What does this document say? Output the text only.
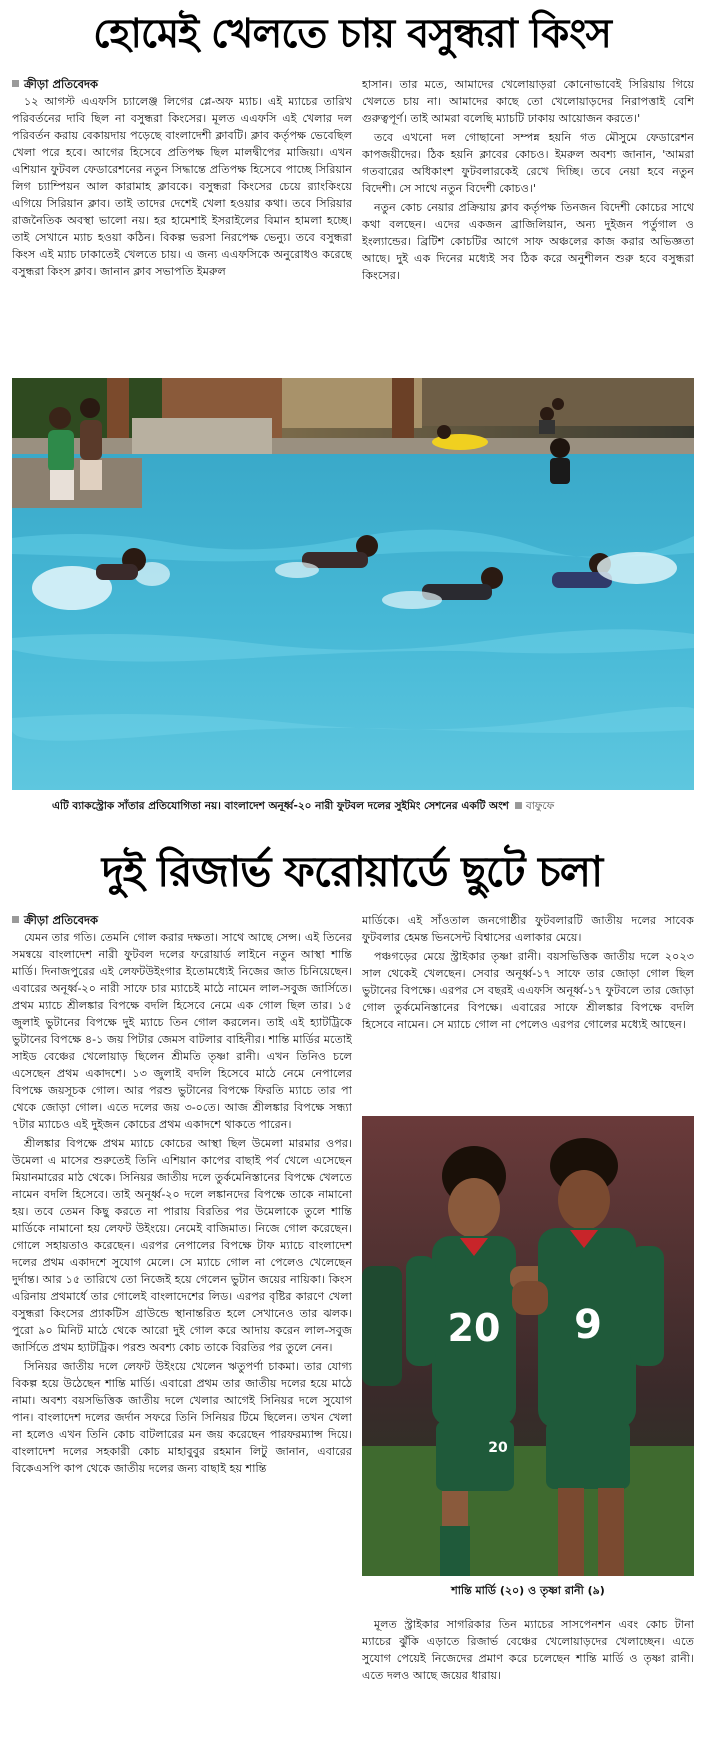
হোমেই খেলতে চায় বসুন্ধরা কিংস
ক্রীড়া প্রতিবেদক

১২ আগস্ট এএফসি চ্যালেঞ্জ লিগের প্লে-অফ ম্যাচ। এই ম্যাচের তারিখ পরিবর্তনের দাবি ছিল না বসুন্ধরা কিংসের। মূলত এএফসি এই খেলার দল পরিবর্তন করায় বেকায়দায় পড়েছে বাংলাদেশী ক্লাবটি। ক্লাব কর্তৃপক্ষ ভেবেছিল খেলা পরে হবে। আগের হিসেবে প্রতিপক্ষ ছিল মালদ্বীপের মাজিয়া। এখন এশিয়ান ফুটবল ফেডারেশনের নতুন সিদ্ধান্তে প্রতিপক্ষ হিসেবে পাচ্ছে সিরিয়ান লিগ চ্যাম্পিয়ন আল কারামাহ ক্লাবকে। বসুন্ধরা কিংসের চেয়ে র‍্যাংকিংয়ে এগিয়ে সিরিয়ান ক্লাব। তাই তাদের দেশেই খেলা হওয়ার কথা। তবে সিরিয়ার রাজনৈতিক অবস্থা ভালো নয়। হর হামেশাই ইসরাইলের বিমান হামলা হচ্ছে। তাই সেখানে ম্যাচ হওয়া কঠিন। বিকল্প ভরসা নিরপেক্ষ ভেন্যু। তবে বসুন্ধরা কিংস এই ম্যাচ ঢাকাতেই খেলতে চায়। এ জন্য এএফসিকে অনুরোধও করেছে বসুন্ধরা কিংস ক্লাব। জানান ক্লাব সভাপতি ইমরুল

হাসান। তার মতে, আমাদের খেলোয়াড়রা কোনোভাবেই সিরিয়ায় গিয়ে খেলতে চায় না। আমাদের কাছে তো খেলোয়াড়দের নিরাপত্তাই বেশি গুরুত্বপূর্ণ। তাই আমরা বলেছি ম্যাচটি ঢাকায় আয়োজন করতে।'

তবে এখনো দল গোছানো সম্পন্ন হয়নি গত মৌসুমে ফেডারেশন কাপজয়ীদের। ঠিক হয়নি ক্লাবের কোচও। ইমরুল অবশ্য জানান, 'আমরা গতবারের অধিকাংশ ফুটবলারকেই রেখে দিচ্ছি। তবে নেয়া হবে নতুন বিদেশী। সে সাথে নতুন বিদেশী কোচও।'

নতুন কোচ নেয়ার প্রক্রিয়ায় ক্লাব কর্তৃপক্ষ তিনজন বিদেশী কোচের সাথে কথা বলছেন। এদের একজন ব্রাজিলিয়ান, অন্য দুইজন পর্তুগাল ও ইংল্যান্ডের। ব্রিটিশ কোচটির আগে সাফ অঞ্চলের কাজ করার অভিজ্ঞতা আছে। দুই এক দিনের মধ্যেই সব ঠিক করে অনুশীলন শুরু হবে বসুন্ধরা কিংসের।

এটি ব্যাকস্ট্রোক সাঁতার প্রতিযোগিতা নয়। বাংলাদেশ অনূর্ধ্ব-২০ নারী ফুটবল দলের সুইমিং সেশনের একটি অংশ বাফুফে
দুই রিজার্ভ ফরোয়ার্ডে ছুটে চলা
ক্রীড়া প্রতিবেদক

যেমন তার গতি। তেমনি গোল করার দক্ষতা। সাথে আছে সেন্স। এই তিনের সমন্বয়ে বাংলাদেশ নারী ফুটবল দলের ফরোয়ার্ড লাইনে নতুন আস্থা শান্তি মার্ডি। দিনাজপুরের এই লেফটউইংগার ইতোমধ্যেই নিজের জাত চিনিয়েছেন। এবারের অনূর্ধ্ব-২০ নারী সাফে চার ম্যাচেই মাঠে নামেন লাল-সবুজ জার্সিতে। প্রথম ম্যাচে শ্রীলঙ্কার বিপক্ষে বদলি হিসেবে নেমে এক গোল ছিল তার। ১৫ জুলাই ভুটানের বিপক্ষে দুই ম্যাচে তিন গোল করলেন। তাই এই হ্যাটট্রিকে ভুটানের বিপক্ষে ৪-১ জয় পিটার জেমস বাটলার বাহিনীর। শান্তি মার্ডির মতোই সাইড বেঞ্চের খেলোয়াড় ছিলেন শ্রীমতি তৃষ্ণা রানী। এখন তিনিও চলে এসেছেন প্রথম একাদশে। ১৩ জুলাই বদলি হিসেবে মাঠে নেমে নেপালের বিপক্ষে জয়সূচক গোল। আর পরশু ভুটানের বিপক্ষে ফিরতি ম্যাচে তার পা থেকে জোড়া গোল। এতে দলের জয় ৩-০তে। আজ শ্রীলঙ্কার বিপক্ষে সন্ধ্যা ৭টার ম্যাচেও এই দুইজন কোচের প্রথম একাদশে থাকতে পারেন।

শ্রীলঙ্কার বিপক্ষে প্রথম ম্যাচে কোচের আস্থা ছিল উমেলা মারমার ওপর। উমেলা এ মাসের শুরুতেই তিনি এশিয়ান কাপের বাছাই পর্ব খেলে এসেছেন মিয়ানমারের মাঠ থেকে। সিনিয়র জাতীয় দলে তুর্কমেনিস্তানের বিপক্ষে খেলতে নামেন বদলি হিসেবে। তাই অনূর্ধ্ব-২০ দলে লঙ্কানদের বিপক্ষে তাকে নামানো হয়। তবে তেমন কিছু করতে না পারায় বিরতির পর উমেলাকে তুলে শান্তি মার্ডিকে নামানো হয় লেফট উইংয়ে। নেমেই বাজিমাত। নিজে গোল করেছেন। গোলে সহায়তাও করেছেন। এরপর নেপালের বিপক্ষে টাফ ম্যাচে বাংলাদেশ দলের প্রথম একাদশে সুযোগ মেলে। সে ম্যাচে গোল না পেলেও খেলেছেন দুর্দান্ত। আর ১৫ তারিখে তো নিজেই হয়ে গেলেন ভুটান জয়ের নায়িকা। কিংস এরিনায় প্রথমার্ধে তার গোলেই বাংলাদেশের লিড। এরপর বৃষ্টির কারণে খেলা বসুন্ধরা কিংসের প্র্যাকটিস গ্রাউন্ডে স্থানান্তরিত হলে সেখানেও তার ঝলক। পুরো ৯০ মিনিট মাঠে থেকে আরো দুই গোল করে আদায় করেন লাল-সবুজ জার্সিতে প্রথম হ্যাটট্রিক। পরশু অবশ্য কোচ তাকে বিরতির পর তুলে নেন।

সিনিয়র জাতীয় দলে লেফট উইংয়ে খেলেন ঋতুপর্ণা চাকমা। তার যোগ্য বিকল্প হয়ে উঠেছেন শান্তি মার্ডি। এবারো প্রথম তার জাতীয় দলের হয়ে মাঠে নামা। অবশ্য বয়সভিত্তিক জাতীয় দলে খেলার আগেই সিনিয়র দলে সুযোগ পান। বাংলাদেশ দলের জর্দান সফরে তিনি সিনিয়র টিমে ছিলেন। তখন খেলা না হলেও এখন তিনি কোচ বাটলারের মন জয় করেছেন পারফরম্যান্স দিয়ে। বাংলাদেশ দলের সহকারী কোচ মাহাবুবুর রহমান লিটু জানান, এবারের বিকেএসপি কাপ থেকে জাতীয় দলের জন্য বাছাই হয় শান্তি

মার্ডিকে। এই সাঁওতাল জনগোষ্ঠীর ফুটবলারটি জাতীয় দলের সাবেক ফুটবলার হেমন্ত ভিনসেন্ট বিশ্বাসের এলাকার মেয়ে।

পঞ্চগড়ের মেয়ে স্ট্রাইকার তৃষ্ণা রানী। বয়সভিত্তিক জাতীয় দলে ২০২৩ সাল থেকেই খেলছেন। সেবার অনূর্ধ্ব-১৭ সাফে তার জোড়া গোল ছিল ভুটানের বিপক্ষে। এরপর সে বছরই এএফসি অনূর্ধ্ব-১৭ ফুটবলে তার জোড়া গোল তুর্কমেনিস্তানের বিপক্ষে। এবারের সাফে শ্রীলঙ্কার বিপক্ষে বদলি হিসেবে নামেন। সে ম্যাচে গোল না পেলেও এরপর গোলের মধ্যেই আছেন।

20
20
9
শান্তি মার্ডি (২০) ও তৃষ্ণা রানী (৯)

মূলত স্ট্রাইকার সাগরিকার তিন ম্যাচের সাসপেনশন এবং কোচ টানা ম্যাচের ঝুঁকি এড়াতে রিজার্ভ বেঞ্চের খেলোয়াড়দের খেলাচ্ছেন। এতে সুযোগ পেয়েই নিজেদের প্রমাণ করে চলেছেন শান্তি মার্ডি ও তৃষ্ণা রানী। এতে দলও আছে জয়ের ধারায়।
